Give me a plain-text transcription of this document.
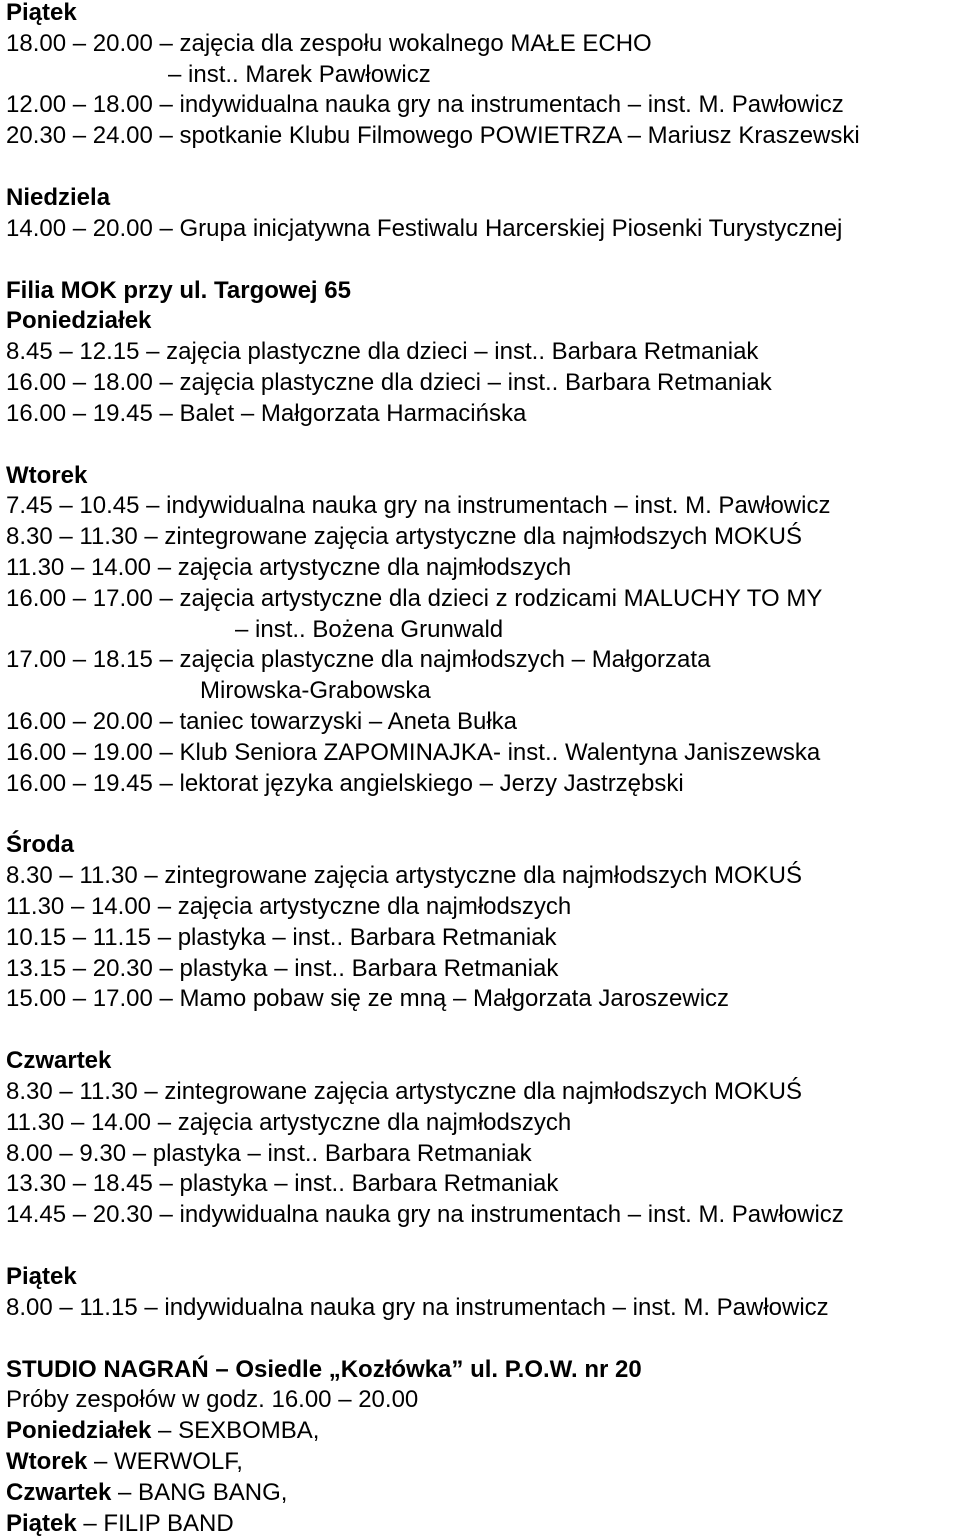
Piątek
18.00 – 20.00 – zajęcia dla zespołu wokalnego MAŁE ECHO
– inst.. Marek Pawłowicz
12.00 – 18.00 – indywidualna nauka gry na instrumentach – inst. M. Pawłowicz
20.30 – 24.00 – spotkanie Klubu Filmowego POWIETRZA – Mariusz Kraszewski
Niedziela
14.00 – 20.00 – Grupa inicjatywna Festiwalu Harcerskiej Piosenki Turystycznej
Filia MOK przy ul. Targowej 65
Poniedziałek
8.45 – 12.15 – zajęcia plastyczne dla dzieci – inst.. Barbara Retmaniak
16.00 – 18.00 – zajęcia plastyczne dla dzieci – inst.. Barbara Retmaniak
16.00 – 19.45 – Balet – Małgorzata Harmacińska
Wtorek
7.45 – 10.45 – indywidualna nauka gry na instrumentach – inst. M. Pawłowicz
8.30 – 11.30 – zintegrowane zajęcia artystyczne dla najmłodszych MOKUŚ
11.30 – 14.00 – zajęcia artystyczne dla najmłodszych
16.00 – 17.00 – zajęcia artystyczne dla dzieci z rodzicami MALUCHY TO MY
– inst.. Bożena Grunwald
17.00 – 18.15 – zajęcia plastyczne dla najmłodszych – Małgorzata
Mirowska-Grabowska
16.00 – 20.00 – taniec towarzyski – Aneta Bułka
16.00 – 19.00 – Klub Seniora ZAPOMINAJKA- inst.. Walentyna Janiszewska
16.00 – 19.45 – lektorat języka angielskiego – Jerzy Jastrzębski
Środa
8.30 – 11.30 – zintegrowane zajęcia artystyczne dla najmłodszych MOKUŚ
11.30 – 14.00 – zajęcia artystyczne dla najmłodszych
10.15 – 11.15 – plastyka – inst.. Barbara Retmaniak
13.15 – 20.30 – plastyka – inst.. Barbara Retmaniak
15.00 – 17.00 – Mamo pobaw się ze mną – Małgorzata Jaroszewicz
Czwartek
8.30 – 11.30 – zintegrowane zajęcia artystyczne dla najmłodszych MOKUŚ
11.30 – 14.00 – zajęcia artystyczne dla najmłodszych
8.00 – 9.30 – plastyka – inst.. Barbara Retmaniak
13.30 – 18.45 – plastyka – inst.. Barbara Retmaniak
14.45 – 20.30 – indywidualna nauka gry na instrumentach – inst. M. Pawłowicz
Piątek
8.00 – 11.15 – indywidualna nauka gry na instrumentach – inst. M. Pawłowicz
STUDIO NAGRAŃ – Osiedle „Kozłówka” ul. P.O.W. nr 20
Próby zespołów w godz. 16.00 – 20.00
Poniedziałek – SEXBOMBA,
Wtorek – WERWOLF,
Czwartek – BANG BANG,
Piątek – FILIP BAND
